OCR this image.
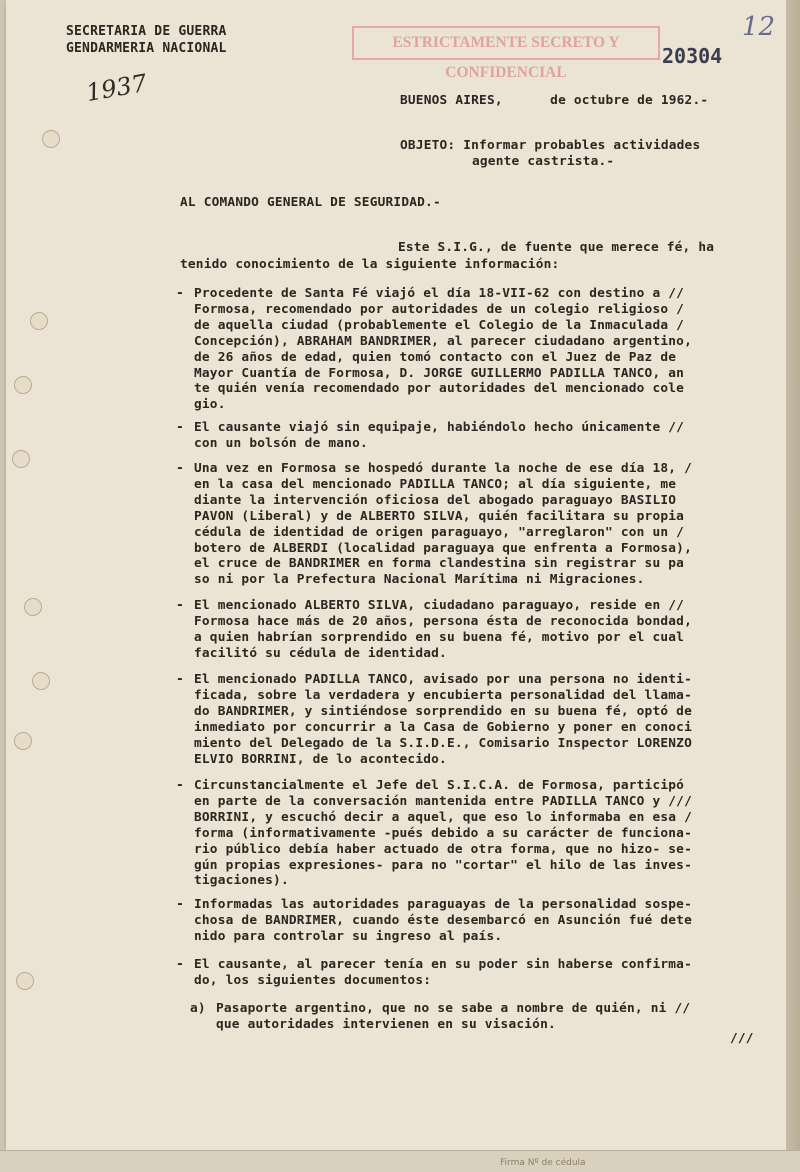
Firma Nº de cédula
SECRETARIA DE GUERRA
GENDARMERIA NACIONAL	ESTRICTAMENTE SECRETO Y CONFIDENCIAL
20304
12
1937	BUENOS AIRES,      de octubre de 1962.-
OBJETO: Informar probables actividades
agente castrista.-
AL COMANDO GENERAL DE SEGURIDAD.-
Este S.I.G., de fuente que merece fé, ha
tenido conocimiento de la siguiente información:
- Procedente de Santa Fé viajó el día 18-VII-62 con destino a //
Formosa, recomendado por autoridades de un colegio religioso /
de aquella ciudad (probablemente el Colegio de la Inmaculada /
Concepción), ABRAHAM BANDRIMER, al parecer ciudadano argentino,
de 26 años de edad, quien tomó contacto con el Juez de Paz de
Mayor Cuantía de Formosa, D. JORGE GUILLERMO PADILLA TANCO, an
te quién venía recomendado por autoridades del mencionado cole
gio.
- El causante viajó sin equipaje, habiéndolo hecho únicamente //
con un bolsón de mano.
- Una vez en Formosa se hospedó durante la noche de ese día 18, /
en la casa del mencionado PADILLA TANCO; al día siguiente, me
diante la intervención oficiosa del abogado paraguayo BASILIO
PAVON (Liberal) y de ALBERTO SILVA, quién facilitara su propia
cédula de identidad de origen paraguayo, "arreglaron" con un /
botero de ALBERDI (localidad paraguaya que enfrenta a Formosa),
el cruce de BANDRIMER en forma clandestina sin registrar su pa
so ni por la Prefectura Nacional Marítima ni Migraciones.
- El mencionado ALBERTO SILVA, ciudadano paraguayo, reside en //
Formosa hace más de 20 años, persona ésta de reconocida bondad,
a quien habrían sorprendido en su buena fé, motivo por el cual
facilitó su cédula de identidad.
- El mencionado PADILLA TANCO, avisado por una persona no identi-
ficada, sobre la verdadera y encubierta personalidad del llama-
do BANDRIMER, y sintiéndose sorprendido en su buena fé, optó de
inmediato por concurrir a la Casa de Gobierno y poner en conoci
miento del Delegado de la S.I.D.E., Comisario Inspector LORENZO
ELVIO BORRINI, de lo acontecido.
- Circunstancialmente el Jefe del S.I.C.A. de Formosa, participó
en parte de la conversación mantenida entre PADILLA TANCO y ///
BORRINI, y escuchó decir a aquel, que eso lo informaba en esa /
forma (informativamente -pués debido a su carácter de funciona-
rio público debía haber actuado de otra forma, que no hizo- se-
gún propias expresiones- para no "cortar" el hilo de las inves-
tigaciones).
- Informadas las autoridades paraguayas de la personalidad sospe-
chosa de BANDRIMER, cuando éste desembarcó en Asunción fué dete
nido para controlar su ingreso al país.
- El causante, al parecer tenía en su poder sin haberse confirma-
do, los siguientes documentos:
a) Pasaporte argentino, que no se sabe a nombre de quién, ni //
que autoridades intervienen en su visación.
///
